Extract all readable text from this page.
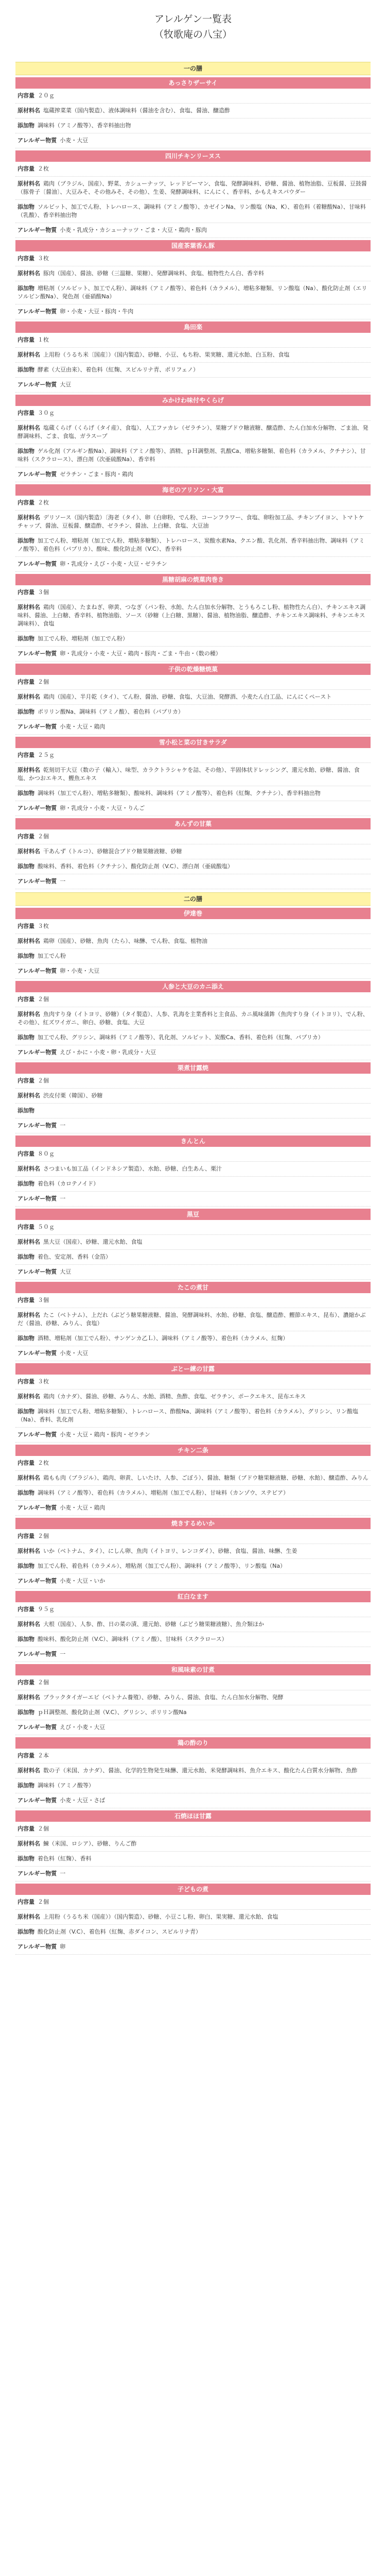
アレルゲン一覧表
（牧歌庵の八宝）
一の膳
あっさりザーサイ
内容量 ２０ｇ
原材料名 塩蔵搾菜菜（国内製造）、液体調味料（醤油を含む）、食塩、醤油、醸造酢
添加物 調味料（アミノ酸等）、香辛料抽出物
アレルギー物質 小麦・大豆
四川チキンリーヌス
内容量 ２枚
原材料名 鶏肉（ブラジル、国産）、野菜、カシューナッツ、レッドピーマン、食塩、発酵調味料、砂糖、醤油、植物油脂、豆板醤、豆鼓醤（豚骨子〔醤油〕、大豆みそ、その他みそ、その他）、生姜、発酵調味料、にんにく、香辛料、かもえキスパウダー
添加物 ソルビット、加工でん粉、トレハロース、調味料（アミノ酸等）、カゼインNa、リン酸塩（Na、K）、着色料（着糖酸Na）、甘味料（乳酸）、香辛料抽出物
アレルギー物質 小麦・乳成分・カシューナッツ・ごま・大豆・鶏肉・豚肉
国産茶葉香ん豚
内容量 ３枚
原材料名 豚肉（国産）、醤油、砂糖（三温糖、果糖）、発酵調味料、食塩、植物性たん白、香辛料
添加物 増粘剤（ソルビット、加工でん粉）、調味料（アミノ酸等）、着色料（カラメル）、増粘多糖類、リン酸塩（Na）、酸化防止剤（エリソルビン酸Na）、発色剤（亜硝酸Na）
アレルギー物質 卵・小麦・大豆・豚肉・牛肉
鳥田楽
内容量 １枚
原材料名 上用粉（うるち米〔国産〕）（国内製造）、砂糖、小豆、もち粉、果実糖、還元水飴、白玉粉、食塩
添加物 酵素（大豆由来）、着色料（紅麹、スピルリナ青、ポリフェノ）
アレルギー物質 大豆
みかけわ味付やくらげ
内容量 ３０ｇ
原材料名 塩蔵くらげ（くらげ（タイ産）、食塩）、人工ファカレ（ゼラチン）、果糖ブドウ糖液糖、醸造酢、たん白加水分解物、ごま油、発酵調味料、ごま、食塩、ガラスープ
添加物 ゲル化剤（アルギン酸Na）、調味料（アミノ酸等）、酒精、ｐＨ調整剤、乳酸Ca、増粘多糖類、着色料（カラメル、クチナシ）、甘味料（スクラロース）、漂白剤（次亜硫酸Na）、香辛料
アレルギー物質 ゼラチン・ごま・豚肉・鶏肉
海老のアリソン・大富
内容量 ２枚
原材料名 デリソース（国内製造）〔海老（タイ）、卵（白卵粉、でん粉、コーンフラワー、食塩、卵粉加工品、チキンブイヨン、トマトケチャップ、醤油、豆板醤、醸造酢、ゼラチン、醤油、上白糖、食塩、大豆油
添加物 加工でん粉、増粘剤（加工でん粉、増粘多糖類）、トレハロース、炭酸水素Na、クエン酸、乳化剤、香辛料抽出物、調味料（アミノ酸等）、着色料（パプリカ）、酸味、酸化防止剤（V.C）、香辛料
アレルギー物質 卵・乳成分・えび・小麦・大豆・ゼラチン
黒糖胡麻の焼菓肉巻き
内容量 ３個
原材料名 鶏肉（国産）、たまねぎ、卵黄、つなぎ（パン粉、水飴、たん白加水分解物、とうもろこし粉、植物性たん白）、チキンエキス調味料、醤油、上白糖、香辛料、植物油脂、ソース（砂糖（上白糖、黒糖）、醤油、植物油脂、醸造酢、チキンエキス調味料、チキンエキス調味料）、食塩
添加物 加工でん粉、増粘剤（加工でん粉）
アレルギー物質 卵・乳成分・小麦・大豆・鶏肉・豚肉・ごま・牛由・（数の種）
子供の乾燥糖焼菓
内容量 ２個
原材料名 鶏肉（国産）、半月乾（タイ）、てん粉、醤油、砂糖、食塩、大豆油、発酵酒、小麦たん白工品、にんにくペースト
添加物 ポリリン酸Na、調味料（アミノ酸）、着色料（パプリカ）
アレルギー物質 小麦・大豆・鶏肉
雪小松と菜の甘きサラダ
内容量 ２５ｇ
原材料名 乾刻切干大豆（数の子（輸入）、味型、カラクトラシャケを詰、その他）、半固体状ドレッシング、還元水飴、砂糖、醤油、食塩、かつおエキス、鰹魚エキス
添加物 調味料（加工でん粉）、増粘多糖類）、酸味料、調味料（アミノ酸等）、着色料（紅麹、クチナシ）、香辛料抽出物
アレルギー物質 卵・乳成分・小麦・大豆・りんご
あんずの甘菓
内容量 ２個
原材料名 干あんず（トルコ）、砂糖混合ブドウ糖果糖液糖、砂糖
添加物 酸味料、香料、着色料（クチナシ）、酸化防止剤（V.C）、漂白剤（亜硫酸塩）
アレルギー物質 一
二の膳
伊達巻
内容量 ３枚
原材料名 鶏卵（国産）、砂糖、魚肉（たら）、味醂、でん粉、食塩、植物油
添加物 加工でん粉
アレルギー物質 卵・小麦・大豆
人参と大豆のカニ添え
内容量 ２個
原材料名 魚肉すり身（イトヨリ、砂糖）（タイ製造）、人参、乳海を主業香料と主食品、カニ風味蒲鉾（魚肉すり身（イトヨリ）、でん粉、その他）、紅ズワイガニ、卵白、砂糖、食塩、大豆
添加物 加工でん粉、グリシン、調味料（アミノ酸等）、乳化剤、ソルビット、炭酸Ca、香料、着色料（紅麹、パプリカ）
アレルギー物質 えび・かに・小麦・卵・乳成分・大豆
栗煮甘露焼
内容量 ２個
原材料名 渋皮付栗（韓国）、砂糖
添加物
アレルギー物質 一
きんとん
内容量 ８０ｇ
原材料名 さつまいも加工品（インドネシア製造）、水飴、砂糖、白生あん、栗汁
添加物 着色料（カロテノイド）
アレルギー物質 一
黒豆
内容量 ５０ｇ
原材料名 黒大豆（国産）、砂糖、還元水飴、食塩
添加物 着色、安定剤、香料（金箔）
アレルギー物質 大豆
たこの煮甘
内容量 ３個
原材料名 たこ（ベトナム）、上だれ（ぶどう糖果糖液糖、醤油、発酵調味料、水飴、砂糖、食塩、醸造酢、鰹節エキス、昆布）、濃縮かぶだ（醤油、砂糖、みりん、食塩）
添加物 酒精、増粘剤（加工でん粉）、サンゲンカ乙Ｌ）、調味料（アミノ酸等）、着色料（カラメル、紅麹）
アレルギー物質 小麦・大豆
ぶとー練の甘露
内容量 ３枚
原材料名 鶏肉（カナダ）、醤油、砂糖、みりん、水飴、酒精、魚酢、食塩、ゼラチン、ポークエキス、昆布エキス
添加物 調味料（加工でん粉、増粘多糖類）、トレハロース、酢酸Na、調味料（アミノ酸等）、着色料（カラメル）、グリシン、リン酸塩（Na）、香料、乳化剤
アレルギー物質 小麦・大豆・鶏肉・豚肉・ゼラチン
チキン二条
内容量 ２枚
原材料名 鶏もも肉（ブラジル）、鶏肉、卵黄、しいたけ、人参、ごぼう）、醤油、糖類（ブドウ糖果糖液糖、砂糖、水飴）、醸造酢、みりん
添加物 調味料（アミノ酸等）、着色料（カラメル）、増粘剤（加工でん粉）、甘味料（カンゾウ、ステビア）
アレルギー物質 小麦・大豆・鶏肉
焼きするめいか
内容量 ２個
原材料名 いか（ベトナム、タイ）、にしん卵、魚肉（イトヨリ、レンコダイ）、砂糖、食塩、醤油、味醂、生姜
添加物 加工でん粉、着色料（カラメル）、増粘剤（加工でん粉）、調味料（アミノ酸等）、リン酸塩（Na）
アレルギー物質 小麦・大豆・いか
紅白なます
内容量 ９５ｇ
原材料名 大根（国産）、人参、酢、日の菜の漬、還元飴、砂糖（ぶどう糖果糖液糖）、魚介類ほか
添加物 酸味料、酸化防止剤（V.C）、調味料（アミノ酸）、甘味料（スクラロース）
アレルギー物質 一
和風味素の甘煮
内容量 ２個
原材料名 ブラックタイガーエビ（ベトナム養殖）、砂糖、みりん、醤油、食塩、たん白加水分解物、発酵
添加物 ｐＨ調整剤、酸化防止剤（V.C）、グリシン、ポリリン酸Na
アレルギー物質 えび・小麦・大豆
鶏の酢のり
内容量 ２本
原材料名 数の子（米国、カナダ）、醤油、化学的生物発生味醂、還元水飴、米発酵調味料、魚介エキス、酸化たん白質水分解物、魚酢
添加物 調味料（アミノ酸等）
アレルギー物質 小麦・大豆・さば
石焼ほほ甘露
内容量 ２個
原材料名 鰊（米国、ロシア）、砂糖、りんご酢
添加物 着色料（紅麹）、香料
アレルギー物質 一
子どもの煮
内容量 ２個
原材料名 上用粉（うるち米（国産））（国内製造）、砂糖、小豆こし粉、卵白、果実糖、還元水飴、食塩
添加物 酸化防止剤（V.C）、着色料（紅麹、赤ダイコン、スピルリナ青）
アレルギー物質 卵
